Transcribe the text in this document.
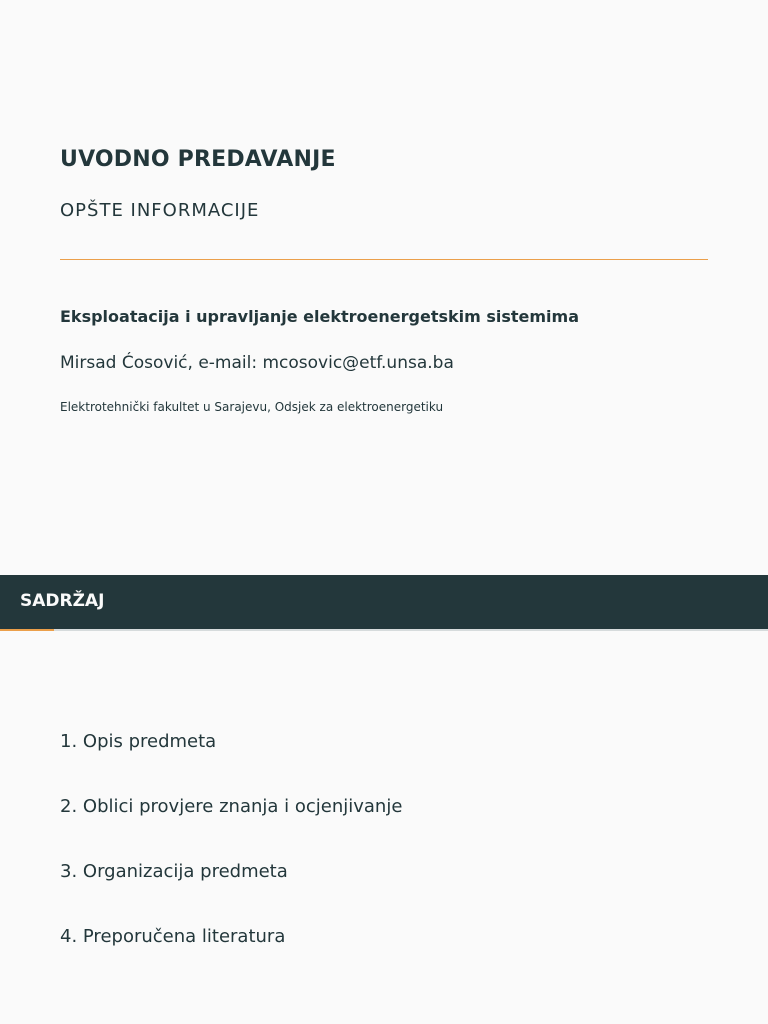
UVODNO PREDAVANJE
OPŠTE INFORMACIJE
Eksploatacija i upravljanje elektroenergetskim sistemima
Mirsad Ćosović, e-mail: mcosovic@etf.unsa.ba
Elektrotehnički fakultet u Sarajevu, Odsjek za elektroenergetiku
SADRŽAJ
1. Opis predmeta
2. Oblici provjere znanja i ocjenjivanje
3. Organizacija predmeta
4. Preporučena literatura
